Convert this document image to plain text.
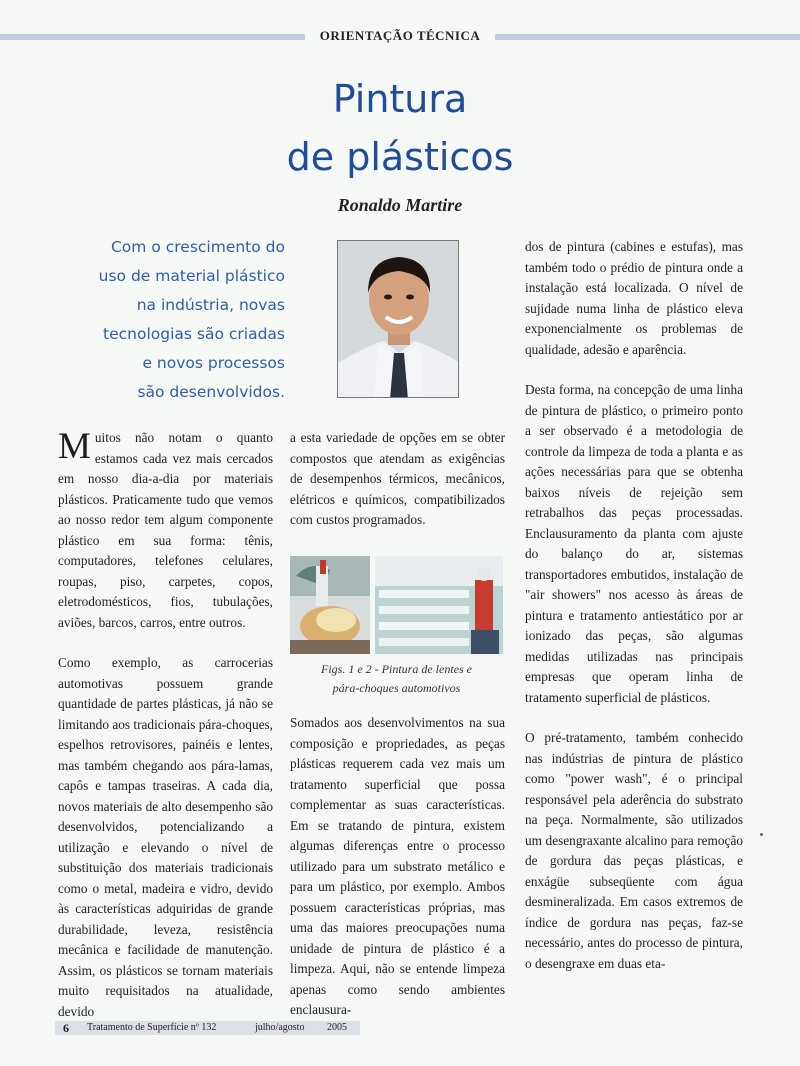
ORIENTAÇÃO TÉCNICA
Pintura
de plásticos
Ronaldo Martire
Com o crescimento do
uso de material plástico
na indústria, novas
tecnologias são criadas
e novos processos
são desenvolvidos.

Muitos não notam o quanto estamos cada vez mais cercados em nosso dia-a-dia por materiais plásticos. Praticamente tudo que vemos ao nosso redor tem algum componente plástico em sua forma: tênis, computadores, telefones celulares, roupas, piso, carpetes, copos, eletrodomésticos, fios, tubulações, aviões, barcos, carros, entre outros.

Como exemplo, as carrocerias automotivas possuem grande quantidade de partes plásticas, já não se limitando aos tradicionais pára-choques, espelhos retrovisores, painéis e lentes, mas também chegando aos pára-lamas, capôs e tampas traseiras. A cada dia, novos materiais de alto desempenho são desenvolvidos, potencializando a utilização e elevando o nível de substituição dos materiais tradicionais como o metal, madeira e vidro, devido às características adquiridas de grande durabilidade, leveza, resistência mecânica e facilidade de manutenção. Assim, os plásticos se tornam materiais muito requisitados na atualidade, devido

a esta variedade de opções em se obter compostos que atendam as exigências de desempenhos térmicos, mecânicos, elétricos e químicos, compatibilizados com custos programados.

Figs. 1 e 2 - Pintura de lentes e
pára-choques automotivos

Somados aos desenvolvimentos na sua composição e propriedades, as peças plásticas requerem cada vez mais um tratamento superficial que possa complementar as suas características. Em se tratando de pintura, existem algumas diferenças entre o processo utilizado para um substrato metálico e para um plástico, por exemplo. Ambos possuem características próprias, mas uma das maiores preocupações numa unidade de pintura de plástico é a limpeza. Aqui, não se entende limpeza apenas como sendo ambientes enclausura-

dos de pintura (cabines e estufas), mas também todo o prédio de pintura onde a instalação está localizada. O nível de sujidade numa linha de plástico eleva exponencialmente os problemas de qualidade, adesão e aparência.

Desta forma, na concepção de uma linha de pintura de plástico, o primeiro ponto a ser observado é a metodologia de controle da limpeza de toda a planta e as ações necessárias para que se obtenha baixos níveis de rejeição sem retrabalhos das peças processadas. Enclausuramento da planta com ajuste do balanço do ar, sistemas transportadores embutidos, instalação de "air showers" nos acesso às áreas de pintura e tratamento antiestático por ar ionizado das peças, são algumas medidas utilizadas nas principais empresas que operam linha de tratamento superficial de plásticos.

O pré-tratamento, também conhecido nas indústrias de pintura de plástico como "power wash", é o principal responsável pela aderência do substrato na peça. Normalmente, são utilizados um desengraxante alcalino para remoção de gordura das peças plásticas, e enxágüe subseqüente com água desmineralizada. Em casos extremos de índice de gordura nas peças, faz-se necessário, antes do processo de pintura, o desengraxe em duas eta-

6 Tratamento de Superfície nº 132	julho/agosto 2005
